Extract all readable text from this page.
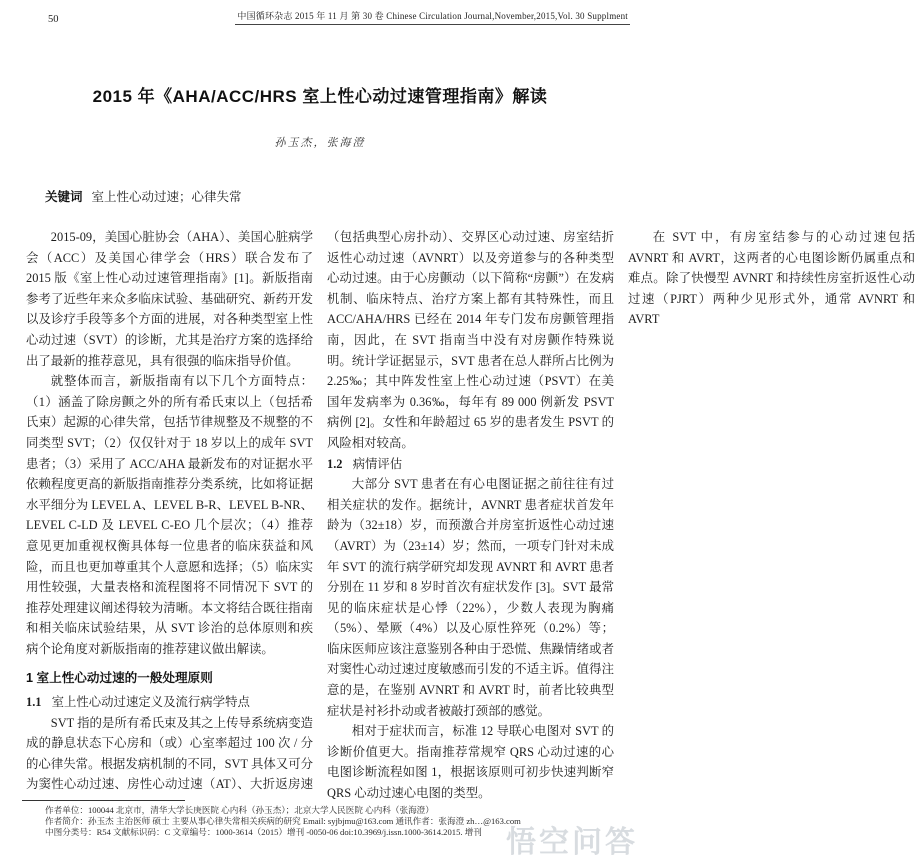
50	中国循环杂志 2015 年 11 月 第 30 卷 Chinese Circulation Journal,November,2015,Vol. 30 Supplment
2015 年《AHA/ACC/HRS 室上性心动过速管理指南》解读
孙玉杰，张海澄
关键词 室上性心动过速；心律失常

2015-09，美国心脏协会（AHA）、美国心脏病学会（ACC）及美国心律学会（HRS）联合发布了 2015 版《室上性心动过速管理指南》[1]。新版指南参考了近些年来众多临床试验、基础研究、新药开发以及诊疗手段等多个方面的进展，对各种类型室上性心动过速（SVT）的诊断，尤其是治疗方案的选择给出了最新的推荐意见，具有很强的临床指导价值。

就整体而言，新版指南有以下几个方面特点：（1）涵盖了除房颤之外的所有希氏束以上（包括希氏束）起源的心律失常，包括节律规整及不规整的不同类型 SVT；（2）仅仅针对于 18 岁以上的成年 SVT 患者；（3）采用了 ACC/AHA 最新发布的对证据水平依赖程度更高的新版指南推荐分类系统，比如将证据水平细分为 LEVEL A、LEVEL B-R、LEVEL B-NR、LEVEL C-LD 及 LEVEL C-EO 几个层次；（4）推荐意见更加重视权衡具体每一位患者的临床获益和风险，而且也更加尊重其个人意愿和选择；（5）临床实用性较强，大量表格和流程图将不同情况下 SVT 的推荐处理建议阐述得较为清晰。本文将结合既往指南和相关临床试验结果，从 SVT 诊治的总体原则和疾病个论角度对新版指南的推荐建议做出解读。

1 室上性心动过速的一般处理原则
1.1 室上性心动过速定义及流行病学特点

SVT 指的是所有希氏束及其之上传导系统病变造成的静息状态下心房和（或）心室率超过 100 次 / 分的心律失常。根据发病机制的不同，SVT 具体又可分为窦性心动过速、房性心动过速（AT）、大折返房速（包括典型心房扑动）、交界区心动过速、房室结折返性心动过速（AVNRT）以及旁道参与的各种类型心动过速。由于心房颤动（以下简称“房颤”）在发病机制、临床特点、治疗方案上都有其特殊性，而且 ACC/AHA/HRS 已经在 2014 年专门发布房颤管理指南，因此，在 SVT 指南当中没有对房颤作特殊说明。统计学证据显示，SVT 患者在总人群所占比例为 2.25‰；其中阵发性室上性心动过速（PSVT）在美国年发病率为 0.36‰，每年有 89 000 例新发 PSVT 病例 [2]。女性和年龄超过 65 岁的患者发生 PSVT 的风险相对较高。

1.2 病情评估

大部分 SVT 患者在有心电图证据之前往往有过相关症状的发作。据统计，AVNRT 患者症状首发年龄为（32±18）岁，而预激合并房室折返性心动过速（AVRT）为（23±14）岁；然而，一项专门针对未成年 SVT 的流行病学研究却发现 AVNRT 和 AVRT 患者分别在 11 岁和 8 岁时首次有症状发作 [3]。SVT 最常见的临床症状是心悸（22%），少数人表现为胸痛（5%）、晕厥（4%）以及心原性猝死（0.2%）等；临床医师应该注意鉴别各种由于恐慌、焦躁情绪或者对窦性心动过速过度敏感而引发的不适主诉。值得注意的是，在鉴别 AVNRT 和 AVRT 时，前者比较典型症状是衬衫扑动或者被敲打颈部的感觉。

相对于症状而言，标准 12 导联心电图对 SVT 的诊断价值更大。指南推荐常规窄 QRS 心动过速的心电图诊断流程如图 1，根据该原则可初步快速判断窄 QRS 心动过速心电图的类型。

在 SVT 中，有房室结参与的心动过速包括 AVNRT 和 AVRT，这两者的心电图诊断仍属重点和难点。除了快慢型 AVNRT 和持续性房室折返性心动过速（PJRT）两种少见形式外，通常 AVNRT 和 AVRT

作者单位：100044 北京市，清华大学长庚医院 心内科（孙玉杰）；北京大学人民医院 心内科（张海澄）
作者简介：孙玉杰 主治医师 硕士 主要从事心律失常相关疾病的研究 Email: syjbjmu@163.com 通讯作者：张海澄 zh…@163.com
中图分类号：R54 文献标识码：C 文章编号：1000-3614（2015）增刊 -0050-06 doi:10.3969/j.issn.1000-3614.2015. 增刊 悟空问答
